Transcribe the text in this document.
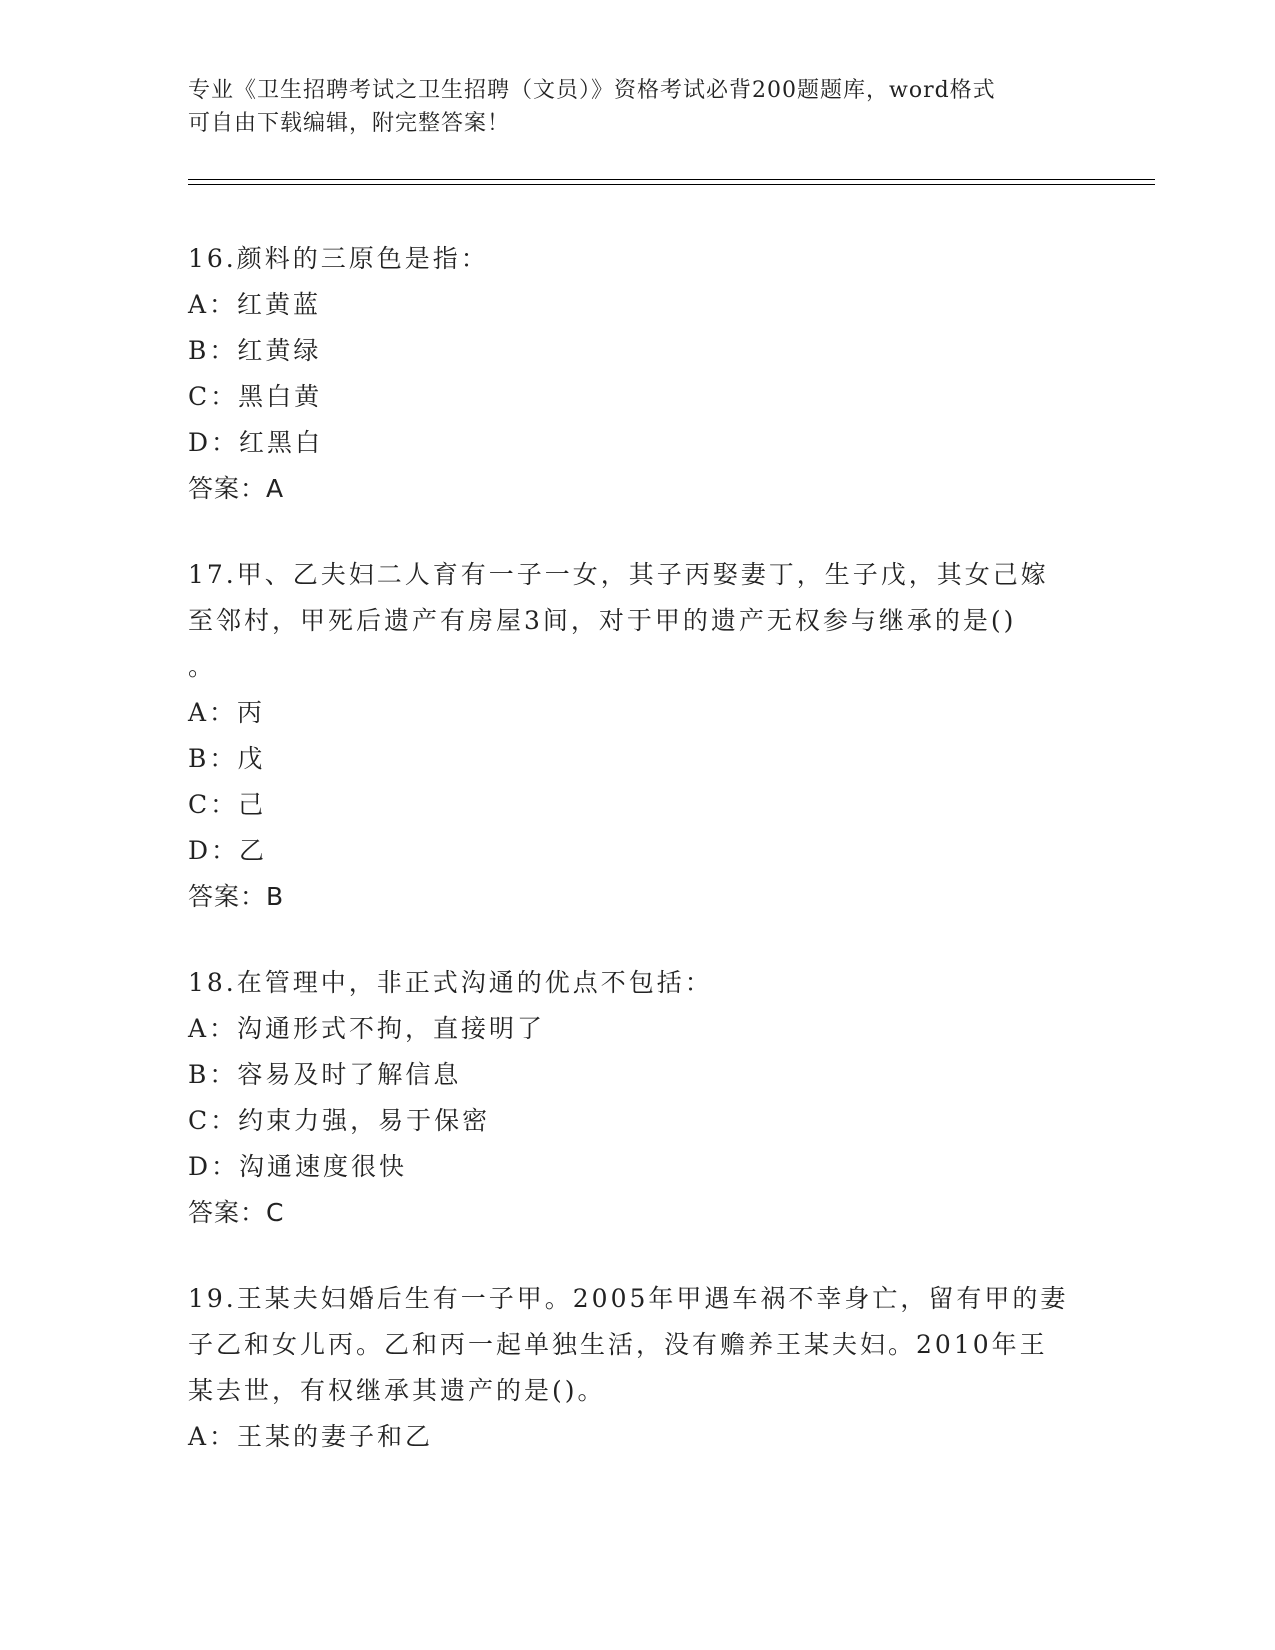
专业《卫生招聘考试之卫生招聘（文员）》资格考试必背200题题库，word格式
可自由下载编辑，附完整答案！
16.颜料的三原色是指：
A：红黄蓝
B：红黄绿
C：黑白黄
D：红黑白
答案：A
17.甲、乙夫妇二人育有一子一女，其子丙娶妻丁，生子戊，其女己嫁
至邻村，甲死后遗产有房屋3间，对于甲的遗产无权参与继承的是()
。
A：丙
B：戊
C：己
D：乙
答案：B
18.在管理中，非正式沟通的优点不包括：
A：沟通形式不拘，直接明了
B：容易及时了解信息
C：约束力强，易于保密
D：沟通速度很快
答案：C
19.王某夫妇婚后生有一子甲。2005年甲遇车祸不幸身亡，留有甲的妻
子乙和女儿丙。乙和丙一起单独生活，没有赡养王某夫妇。2010年王
某去世，有权继承其遗产的是()。
A：王某的妻子和乙
